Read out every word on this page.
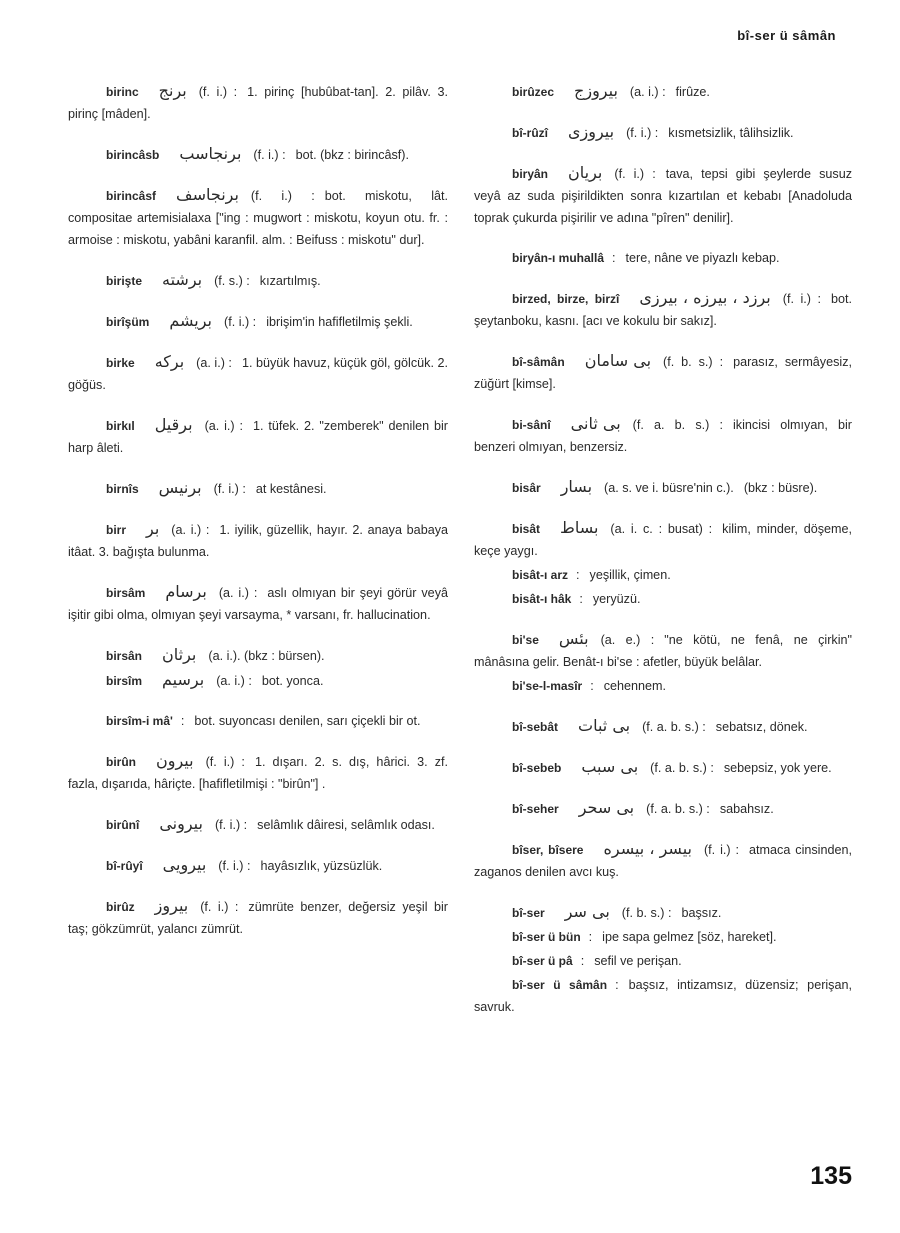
bî-ser ü sâmân
birinc برنج (f. i.) : 1. pirinç [hubûbat-tan]. 2. pilâv. 3. pirinç [mâden].
birincâsb برنجاسب (f. i.) : bot. (bkz : birincâsf).
birincâsf برنجاسف (f. i.) : bot. miskotu, lât. compositae artemisialaxa ["ing : mugwort : miskotu, koyun otu. fr. : armoise : miskotu, yabâni karanfil. alm. : Beifuss : miskotu" dur].
birişte برشته (f. s.) : kızartılmış.
birîşüm بریشم (f. i.) : ibrişim'in hafifletilmiş şekli.
birke برکه (a. i.) : 1. büyük havuz, küçük göl, gölcük. 2. göğüs.
birkıl برقیل (a. i.) : 1. tüfek. 2. "zemberek" denilen bir harp âleti.
birnîs برنیس (f. i.) : at kestânesi.
birr بر (a. i.) : 1. iyilik, güzellik, hayır. 2. anaya babaya itâat. 3. bağışta bulunma.
birsâm برسام (a. i.) : aslı olmıyan bir şeyi görür veyâ işitir gibi olma, olmıyan şeyi varsayma, * varsanı, fr. hallucination.
birsân برثان (a. i.). (bkz : bürsen).
birsîm برسیم (a. i.) : bot. yonca.
birsîm-i mâ' : bot. suyoncası denilen, sarı çiçekli bir ot.
birûn بیرون (f. i.) : 1. dışarı. 2. s. dış, hârici. 3. zf. fazla, dışarıda, hâriçte. [hafifletilmişi : "birûn"] .
birûnî بیرونی (f. i.) : selâmlık dâiresi, selâmlık odası.
bî-rûyî بیرویی (f. i.) : hayâsızlık, yüzsüzlük.
birûz بیروز (f. i.) : zümrüte benzer, değersiz yeşil bir taş; gökzümrüt, yalancı zümrüt.
birûzec بیروزج (a. i.) : firûze.
bî-rûzî بیروزی (f. i.) : kısmetsizlik, tâlihsizlik.
biryân بریان (f. i.) : tava, tepsi gibi şeylerde susuz veyâ az suda pişirildikten sonra kızartılan et kebabı [Anadoluda toprak çukurda pişirilir ve adına "pîren" denilir].
biryân-ı muhallâ : tere, nâne ve piyazlı kebap.
birzed, birze, birzî برزد ، بیرزه ، بیرزی (f. i.) : bot. şeytanboku, kasnı. [acı ve kokulu bir sakız].
bî-sâmân بی سامان (f. b. s.) : parasız, sermâyesiz, züğürt [kimse].
bi-sânî بی ثانی (f. a. b. s.) : ikincisi olmıyan, bir benzeri olmıyan, benzersiz.
bisâr بسار (a. s. ve i. büsre'nin c.). (bkz : büsre).
bisât بساط (a. i. c. : busat) : kilim, minder, döşeme, keçe yaygı.
bisât-ı arz : yeşillik, çimen.
bisât-ı hâk : yeryüzü.
bi'se بئس (a. e.) : "ne kötü, ne fenâ, ne çirkin" mânâsına gelir. Benât-ı bi'se : afetler, büyük belâlar.
bi'se-l-masîr : cehennem.
bî-sebât بی ثبات (f. a. b. s.) : sebatsız, dönek.
bî-sebeb بی سبب (f. a. b. s.) : sebepsiz, yok yere.
bî-seher بی سحر (f. a. b. s.) : sabahsız.
bîser, bîsere بیسر ، بیسره (f. i.) : atmaca cinsinden, zaganos denilen avcı kuş.
bî-ser بی سر (f. b. s.) : başsız.
bî-ser ü bün : ipe sapa gelmez [söz, hareket].
bî-ser ü pâ : sefil ve perişan.
bî-ser ü sâmân : başsız, intizamsız, düzensiz; perişan, savruk.
135
